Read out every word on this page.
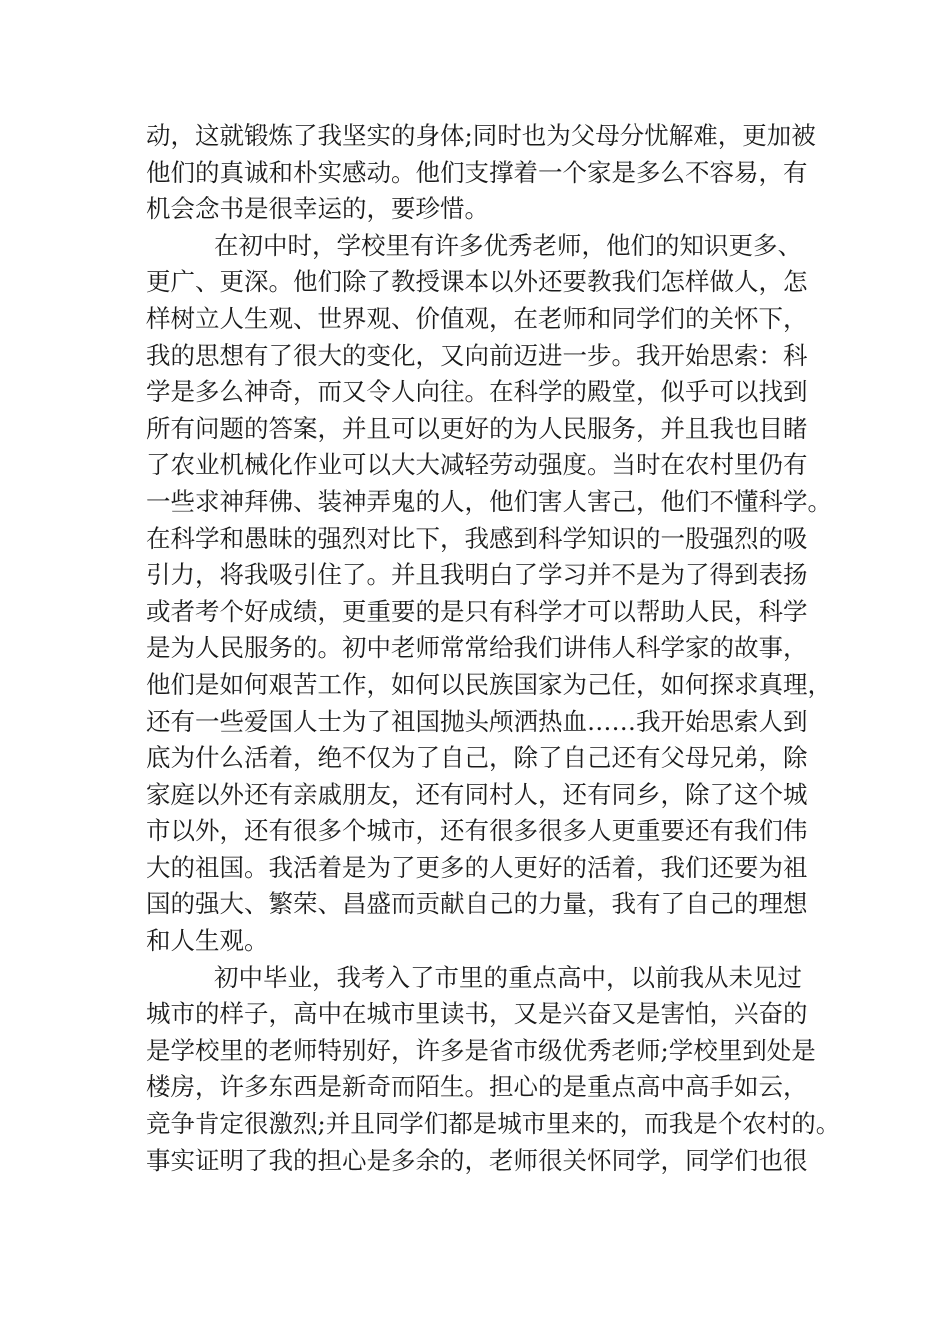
动，这就锻炼了我坚实的身体;同时也为父母分忧解难，更加被
他们的真诚和朴实感动。他们支撑着一个家是多么不容易，有
机会念书是很幸运的，要珍惜。
在初中时，学校里有许多优秀老师，他们的知识更多、
更广、更深。他们除了教授课本以外还要教我们怎样做人，怎
样树立人生观、世界观、价值观，在老师和同学们的关怀下，
我的思想有了很大的变化，又向前迈进一步。我开始思索：科
学是多么神奇，而又令人向往。在科学的殿堂，似乎可以找到
所有问题的答案，并且可以更好的为人民服务，并且我也目睹
了农业机械化作业可以大大减轻劳动强度。当时在农村里仍有
一些求神拜佛、装神弄鬼的人，他们害人害己，他们不懂科学。
在科学和愚昧的强烈对比下，我感到科学知识的一股强烈的吸
引力，将我吸引住了。并且我明白了学习并不是为了得到表扬
或者考个好成绩，更重要的是只有科学才可以帮助人民，科学
是为人民服务的。初中老师常常给我们讲伟人科学家的故事，
他们是如何艰苦工作，如何以民族国家为己任，如何探求真理，
还有一些爱国人士为了祖国抛头颅洒热血……我开始思索人到
底为什么活着，绝不仅为了自己，除了自己还有父母兄弟，除
家庭以外还有亲戚朋友，还有同村人，还有同乡，除了这个城
市以外，还有很多个城市，还有很多很多人更重要还有我们伟
大的祖国。我活着是为了更多的人更好的活着，我们还要为祖
国的强大、繁荣、昌盛而贡献自己的力量，我有了自己的理想
和人生观。
初中毕业，我考入了市里的重点高中，以前我从未见过
城市的样子，高中在城市里读书，又是兴奋又是害怕，兴奋的
是学校里的老师特别好，许多是省市级优秀老师;学校里到处是
楼房，许多东西是新奇而陌生。担心的是重点高中高手如云，
竞争肯定很激烈;并且同学们都是城市里来的，而我是个农村的。
事实证明了我的担心是多余的，老师很关怀同学，同学们也很
